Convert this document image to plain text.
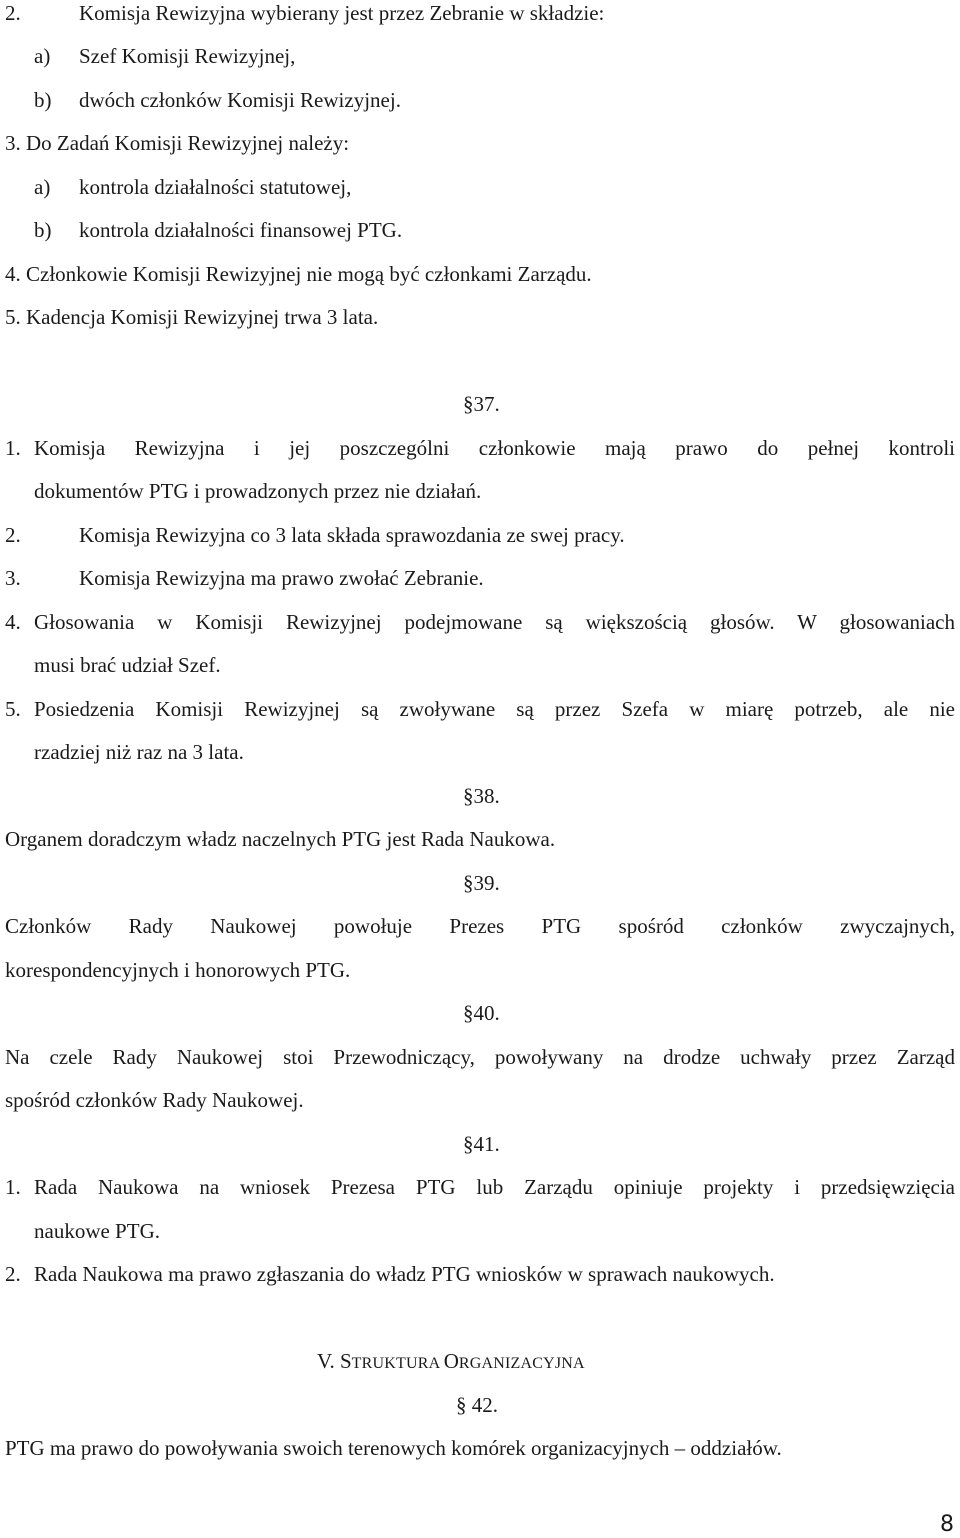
2.	Komisja Rewizyjna wybierany jest przez Zebranie w składzie:
a) Szef Komisji Rewizyjnej,
b) dwóch członków Komisji Rewizyjnej.
3. Do Zadań Komisji Rewizyjnej należy:
a) kontrola działalności statutowej,
b) kontrola działalności finansowej PTG.
4. Członkowie Komisji Rewizyjnej nie mogą być członkami Zarządu.
5. Kadencja Komisji Rewizyjnej trwa 3 lata.
§37.
1. Komisja Rewizyjna i jej poszczególni członkowie mają prawo do pełnej kontroli
dokumentów PTG i prowadzonych przez nie działań.
2.	Komisja Rewizyjna co 3 lata składa sprawozdania ze swej pracy.
3.	Komisja Rewizyjna ma prawo zwołać Zebranie.
4. Głosowania w Komisji Rewizyjnej podejmowane są większością głosów. W głosowaniach
musi brać udział Szef.
5. Posiedzenia Komisji Rewizyjnej są zwoływane są przez Szefa w miarę potrzeb, ale nie
rzadziej niż raz na 3 lata.
§38.
Organem doradczym władz naczelnych PTG jest Rada Naukowa.
§39.
Członków Rady Naukowej powołuje Prezes PTG spośród członków zwyczajnych,
korespondencyjnych i honorowych PTG.
§40.
Na czele Rady Naukowej stoi Przewodniczący, powoływany na drodze uchwały przez Zarząd
spośród członków Rady Naukowej.
§41.
1. Rada Naukowa na wniosek Prezesa PTG lub Zarządu opiniuje projekty i przedsięwzięcia
naukowe PTG.
2. Rada Naukowa ma prawo zgłaszania do władz PTG wniosków w sprawach naukowych.
V. STRUKTURA ORGANIZACYJNA
§ 42.
PTG ma prawo do powoływania swoich terenowych komórek organizacyjnych – oddziałów.
8
